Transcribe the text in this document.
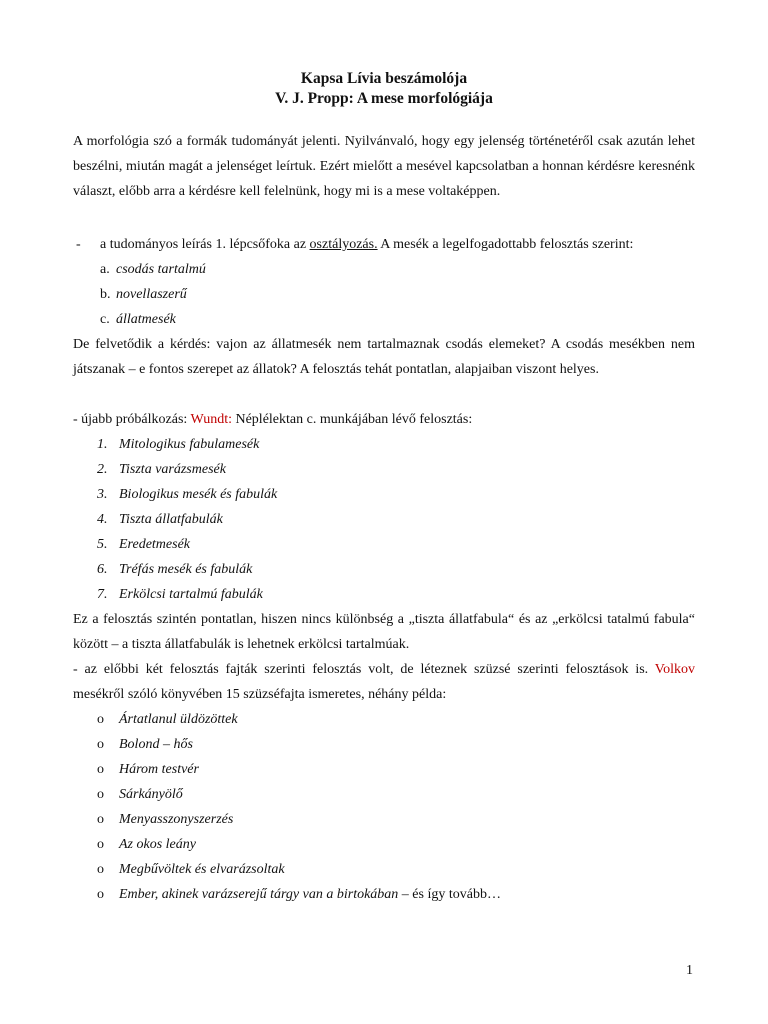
Kapsa Lívia beszámolója
V. J. Propp: A mese morfológiája

A morfológia szó a formák tudományát jelenti. Nyilvánvaló, hogy egy jelenség történetéről csak azután lehet beszélni, miután magát a jelenséget leírtuk. Ezért mielőtt a mesével kapcsolatban a honnan kérdésre keresnénk választ, előbb arra a kérdésre kell felelnünk, hogy mi is a mese voltaképpen.

- a tudományos leírás 1. lépcsőfoka az osztályozás. A mesék a legelfogadottabb felosztás szerint:
a. csodás tartalmú
b. novellaszerű
c. állatmesék

De felvetődik a kérdés: vajon az állatmesék nem tartalmaznak csodás elemeket? A csodás mesékben nem játszanak – e fontos szerepet az állatok? A felosztás tehát pontatlan, alapjaiban viszont helyes.

- újabb próbálkozás: Wundt: Néplélektan c. munkájában lévő felosztás:
1. Mitologikus fabulamesék
2. Tiszta varázsmesék
3. Biologikus mesék és fabulák
4. Tiszta állatfabulák
5. Eredetmesék
6. Tréfás mesék és fabulák
7. Erkölcsi tartalmú fabulák

Ez a felosztás szintén pontatlan, hiszen nincs különbség a „tiszta állatfabula“ és az „erkölcsi tatalmú fabula“ között – a tiszta állatfabulák is lehetnek erkölcsi tartalmúak.

- az előbbi két felosztás fajták szerinti felosztás volt, de léteznek szüzsé szerinti felosztások is. Volkov mesékről szóló könyvében 15 szüzséfajta ismeretes, néhány példa:

o Ártatlanul üldözöttek
o Bolond – hős
o Három testvér
o Sárkányölő
o Menyasszonyszerzés
o Az okos leány
o Megbűvöltek és elvarázsoltak
o Ember, akinek varázserejű tárgy van a birtokában – és így tovább…
1
